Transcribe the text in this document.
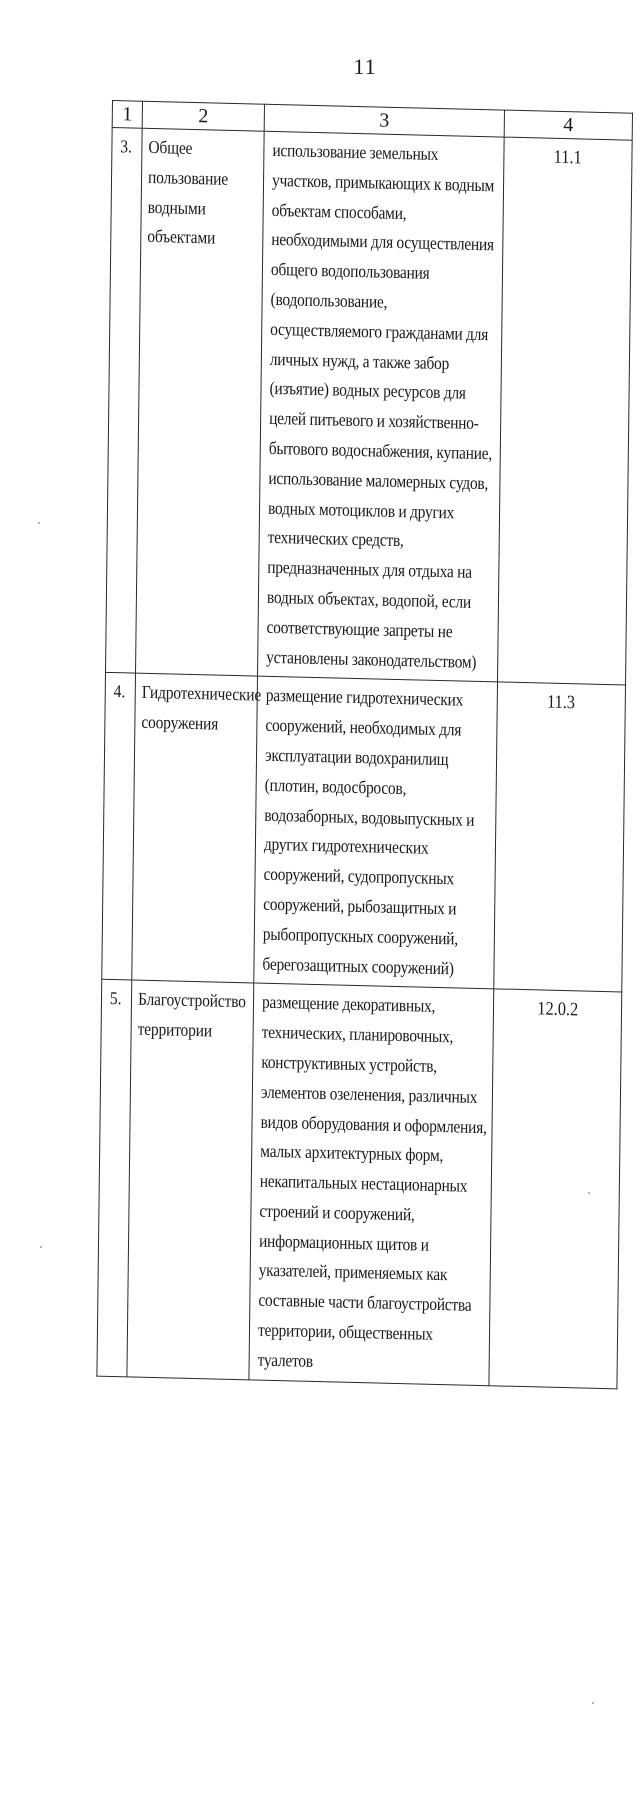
11
1	2	3	4
3.	Общее пользование водными объектами	использование земельных участков, примыкающих к водным объектам способами, необходимыми для осуществления общего водопользования (водопользование, осуществляемого гражданами для личных нужд, а также забор (изъятие) водных ресурсов для целей питьевого и хозяйственно-бытового водоснабжения, купание, использование маломерных судов, водных мотоциклов и других технических средств, предназначенных для отдыха на водных объектах, водопой, если соответствующие запреты не установлены законодательством)	11.1
4.	Гидротехнические сооружения	размещение гидротехнических сооружений, необходимых для эксплуатации водохранилищ (плотин, водосбросов, водозаборных, водовыпускных и других гидротехнических сооружений, судопропускных сооружений, рыбозащитных и рыбопропускных сооружений, берегозащитных сооружений)	11.3
5.	Благоустройство территории	размещение декоративных, технических, планировочных, конструктивных устройств, элементов озеленения, различных видов оборудования и оформления, малых архитектурных форм, некапитальных нестационарных строений и сооружений, информационных щитов и указателей, применяемых как составные части благоустройства территории, общественных туалетов	12.0.2
